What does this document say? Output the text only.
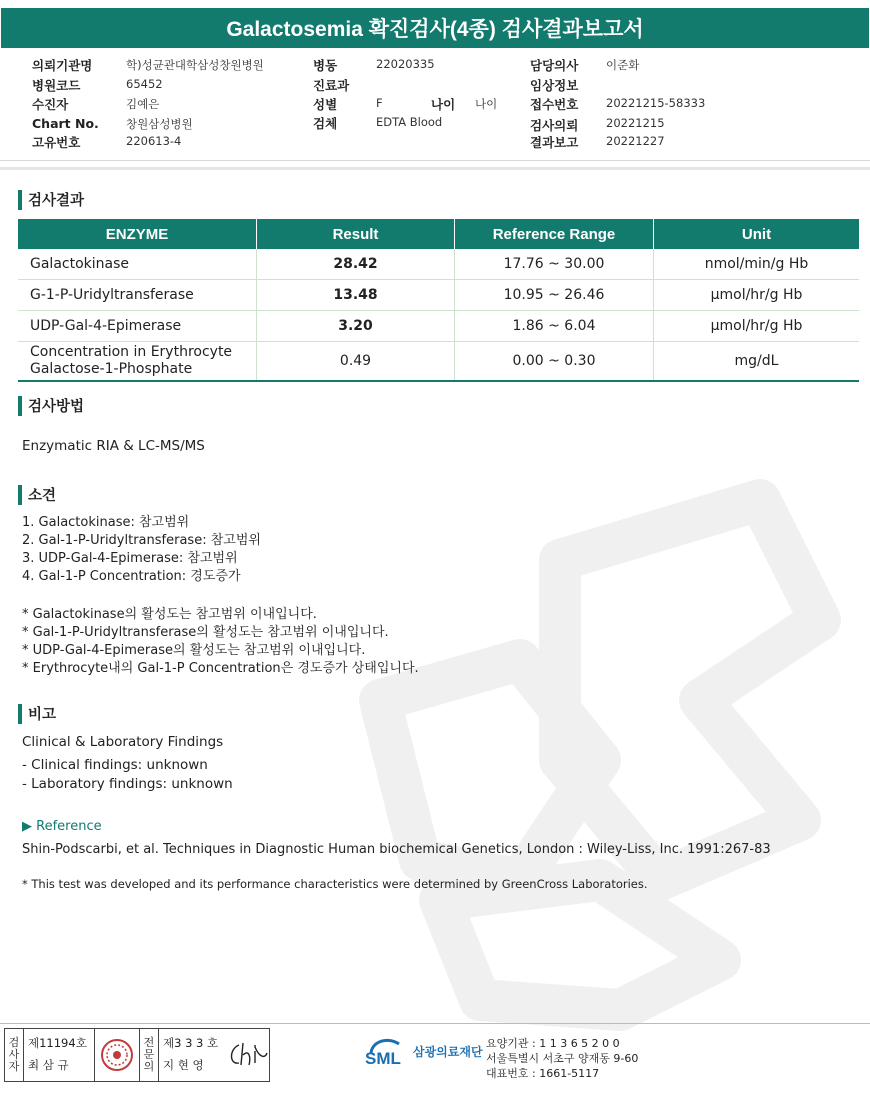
Galactosemia 확진검사(4종) 검사결과보고서
의뢰기관명	학)성균관대학삼성창원병원
병원코드	65452
수진자	김예은
Chart No. 창원삼성병원
고유번호	220613-4
병동	22020335
진료과
성별	F	나이 나이
검체	EDTA Blood
담당의사 이준화
임상정보
접수번호 20221215-58333
검사의뢰 20221215
결과보고 20221227
검사결과
ENZYME	Result	Reference Range	Unit
Galactokinase	28.42	17.76 ~ 30.00	nmol/min/g Hb
G-1-P-Uridyltransferase	13.48	10.95 ~ 26.46	μmol/hr/g Hb
UDP-Gal-4-Epimerase	3.20	1.86 ~ 6.04	μmol/hr/g Hb

Concentration in Erythrocyte
Galactose-1-Phosphate	0.49	0.00 ~ 0.30	mg/dL
검사방법
Enzymatic RIA & LC-MS/MS
소견
1. Galactokinase: 참고범위
2. Gal-1-P-Uridyltransferase: 참고범위
3. UDP-Gal-4-Epimerase: 참고범위
4. Gal-1-P Concentration: 경도증가
* Galactokinase의 활성도는 참고범위 이내입니다.
* Gal-1-P-Uridyltransferase의 활성도는 참고범위 이내입니다.
* UDP-Gal-4-Epimerase의 활성도는 참고범위 이내입니다.
* Erythrocyte내의 Gal-1-P Concentration은 경도증가 상태입니다.
비고
Clinical & Laboratory Findings
- Clinical findings: unknown
- Laboratory findings: unknown
▶ Reference
Shin-Podscarbi, et al. Techniques in Diagnostic Human biochemical Genetics, London : Wiley-Liss, Inc. 1991:267-83
* This test was developed and its performance characteristics were determined by GreenCross Laboratories.
검
사
자
제11194호
최 삼 규
전
문
의
제3 3 3 호
지 현 영	SML 삼광의료재단
요양기관 : 1 1 3 6 5 2 0 0
서울특별시 서초구 양재동 9-60
대표번호 : 1661-5117
